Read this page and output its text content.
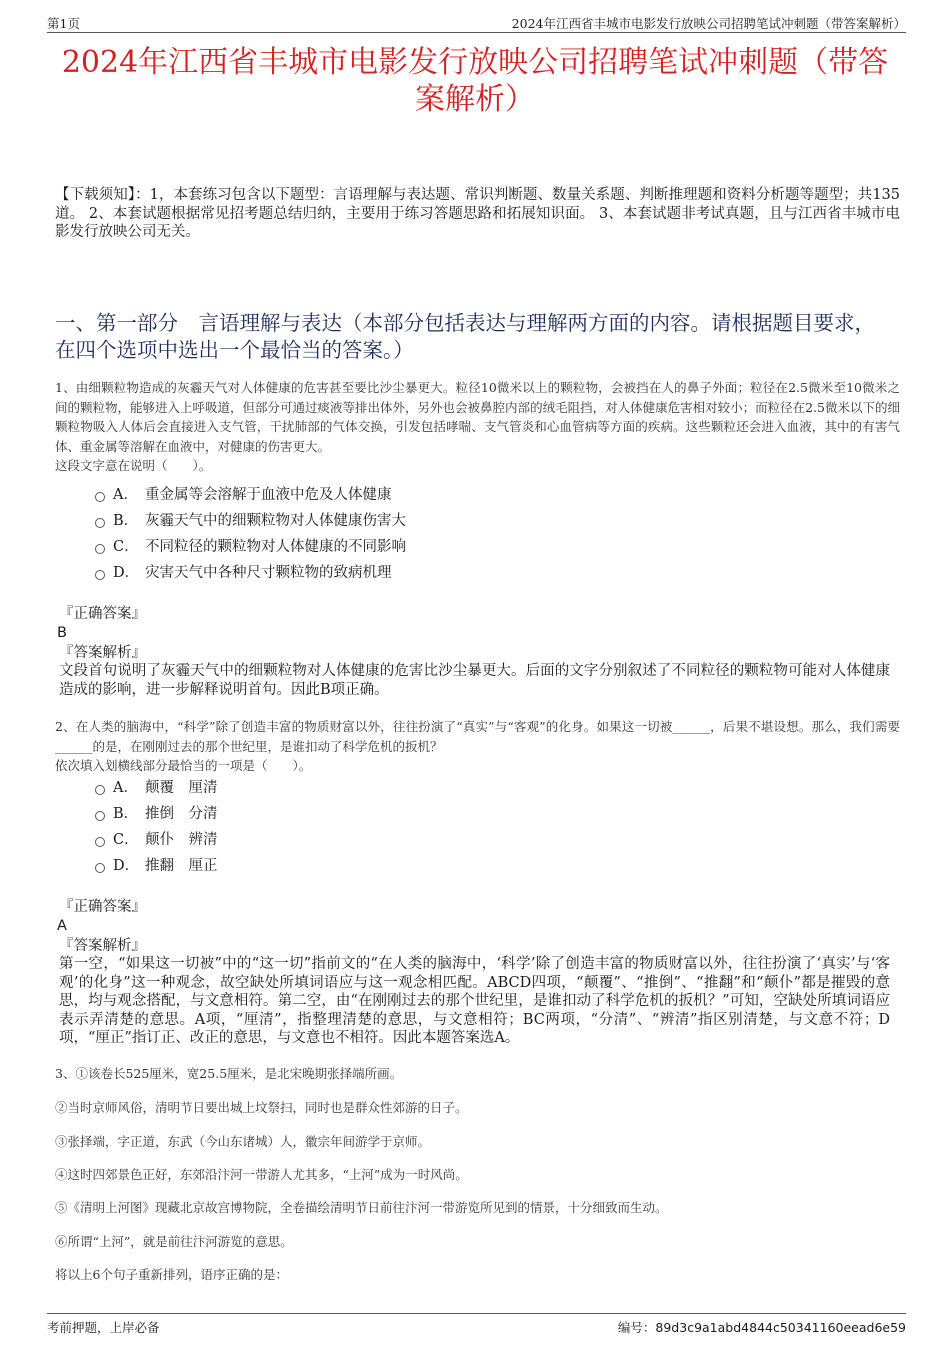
第1页	2024年江西省丰城市电影发行放映公司招聘笔试冲刺题（带答案解析）
2024年江西省丰城市电影发行放映公司招聘笔试冲刺题（带答
案解析）
【下载须知】：1，本套练习包含以下题型：言语理解与表达题、常识判断题、数量关系题、判断推理题和资料分析题等题型；共135道。 2、本套试题根据常见招考题总结归纳，主要用于练习答题思路和拓展知识面。 3、本套试题非考试真题，且与江西省丰城市电影发行放映公司无关。
一、第一部分　言语理解与表达（本部分包括表达与理解两方面的内容。请根据题目要求，在四个选项中选出一个最恰当的答案。）
1、由细颗粒物造成的灰霾天气对人体健康的危害甚至要比沙尘暴更大。粒径10微米以上的颗粒物，会被挡在人的鼻子外面；粒径在2.5微米至10微米之间的颗粒物，能够进入上呼吸道，但部分可通过痰液等排出体外，另外也会被鼻腔内部的绒毛阻挡，对人体健康危害相对较小；而粒径在2.5微米以下的细颗粒物吸入人体后会直接进入支气管，干扰肺部的气体交换，引发包括哮喘、支气管炎和心血管病等方面的疾病。这些颗粒还会进入血液，其中的有害气体、重金属等溶解在血液中，对健康的伤害更大。
这段文字意在说明（　　）。
A． 重金属等会溶解于血液中危及人体健康
B． 灰霾天气中的细颗粒物对人体健康伤害大
C． 不同粒径的颗粒物对人体健康的不同影响
D． 灾害天气中各种尺寸颗粒物的致病机理
『正确答案』
B
『答案解析』
文段首句说明了灰霾天气中的细颗粒物对人体健康的危害比沙尘暴更大。后面的文字分别叙述了不同粒径的颗粒物可能对人体健康造成的影响，进一步解释说明首句。因此B项正确。
2、在人类的脑海中，“科学”除了创造丰富的物质财富以外，往往扮演了“真实”与“客观”的化身。如果这一切被______，后果不堪设想。那么，我们需要______的是，在刚刚过去的那个世纪里，是谁扣动了科学危机的扳机？
依次填入划横线部分最恰当的一项是（　　）。
A． 颠覆　厘清
B． 推倒　分清
C． 颠仆　辨清
D． 推翻　厘正
『正确答案』
A
『答案解析』
第一空，“如果这一切被”中的“这一切”指前文的“在人类的脑海中，‘科学’除了创造丰富的物质财富以外，往往扮演了‘真实’与‘客观’的化身”这一种观念，故空缺处所填词语应与这一观念相匹配。ABCD四项，“颠覆”、“推倒”、“推翻”和“颠仆”都是摧毁的意思，均与观念搭配，与文意相符。第二空，由“在刚刚过去的那个世纪里，是谁扣动了科学危机的扳机？”可知，空缺处所填词语应表示弄清楚的意思。A项，“厘清”，指整理清楚的意思，与文意相符；BC两项，“分清”、“辨清”指区别清楚，与文意不符；D项，“厘正”指订正、改正的意思，与文意也不相符。因此本题答案选A。
3、①该卷长525厘米，宽25.5厘米，是北宋晚期张择端所画。
②当时京师风俗，清明节日要出城上坟祭扫，同时也是群众性郊游的日子。
③张择端，字正道，东武（今山东诸城）人，徽宗年间游学于京师。
④这时四郊景色正好，东郊沿汴河一带游人尤其多，“上河”成为一时风尚。
⑤《清明上河图》现藏北京故宫博物院，全卷描绘清明节日前往汴河一带游览所见到的情景，十分细致而生动。
⑥所谓“上河”，就是前往汴河游览的意思。
将以上6个句子重新排列，语序正确的是：
考前押题，上岸必备	编号：89d3c9a1abd4844c50341160eead6e59
